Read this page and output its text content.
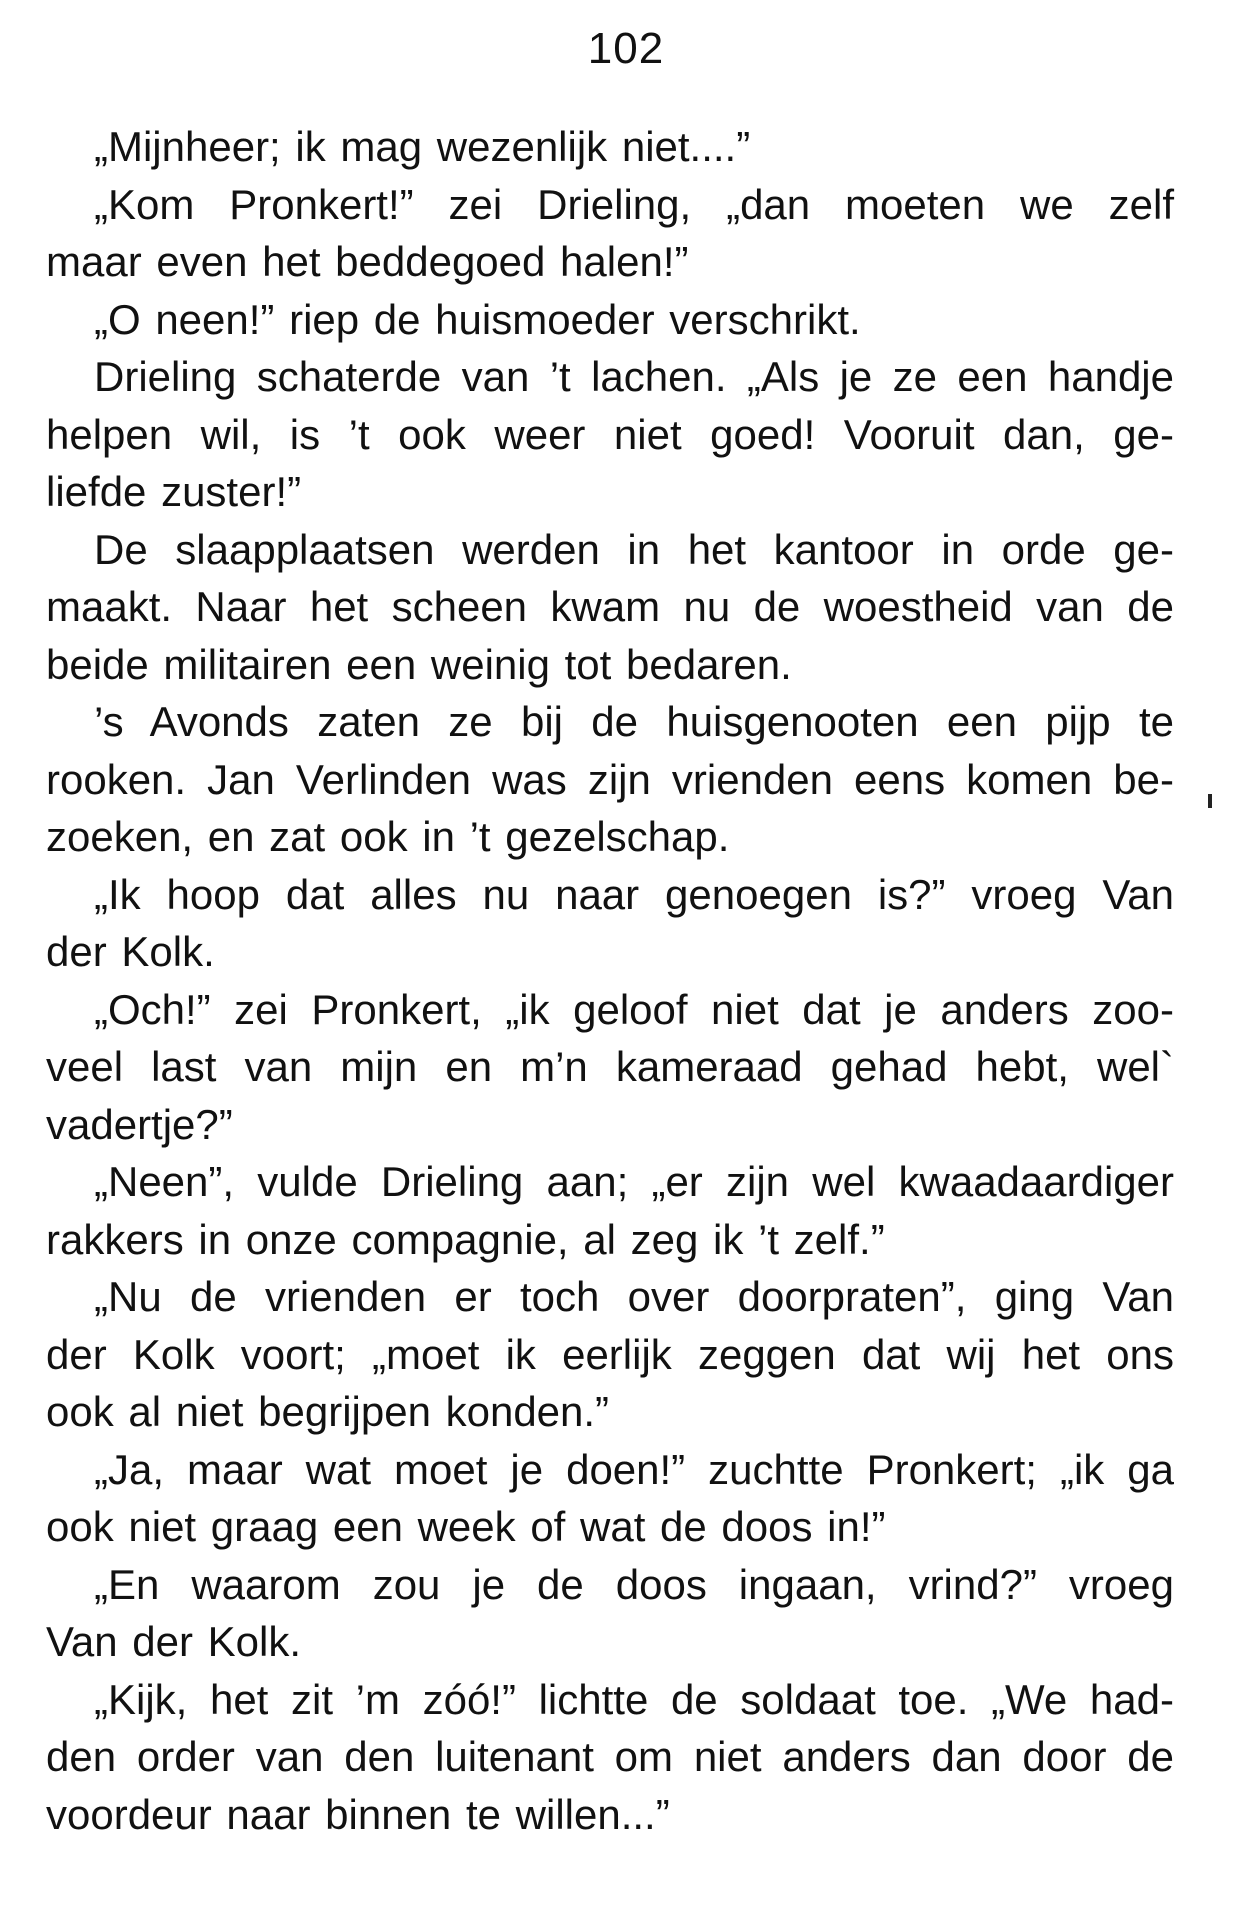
102
„Mijnheer; ik mag wezenlijk niet....”
„Kom Pronkert!” zei Drieling, „dan moeten we zelf
maar even het beddegoed halen!”
„O neen!” riep de huismoeder verschrikt.
Drieling schaterde van ’t lachen. „Als je ze een handje
helpen wil, is ’t ook weer niet goed! Vooruit dan, ge-
liefde zuster!”
De slaapplaatsen werden in het kantoor in orde ge-
maakt. Naar het scheen kwam nu de woestheid van de
beide militairen een weinig tot bedaren.
’s Avonds zaten ze bij de huisgenooten een pijp te
rooken. Jan Verlinden was zijn vrienden eens komen be-
zoeken, en zat ook in ’t gezelschap.
„Ik hoop dat alles nu naar genoegen is?” vroeg Van
der Kolk.
„Och!” zei Pronkert, „ik geloof niet dat je anders zoo-
veel last van mijn en m’n kameraad gehad hebt, wel`
vadertje?”
„Neen”, vulde Drieling aan; „er zijn wel kwaadaardiger
rakkers in onze compagnie, al zeg ik ’t zelf.”
„Nu de vrienden er toch over doorpraten”, ging Van
der Kolk voort; „moet ik eerlijk zeggen dat wij het ons
ook al niet begrijpen konden.”
„Ja, maar wat moet je doen!” zuchtte Pronkert; „ik ga
ook niet graag een week of wat de doos in!”
„En waarom zou je de doos ingaan, vrind?” vroeg
Van der Kolk.
„Kijk, het zit ’m zóó!” lichtte de soldaat toe. „We had-
den order van den luitenant om niet anders dan door de
voordeur naar binnen te willen...”
